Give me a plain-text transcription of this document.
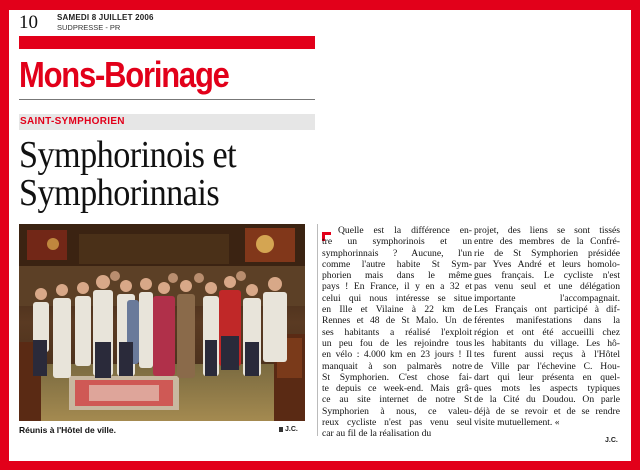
10 SAMEDI 8 JUILLET 2006
SUDPRESSE - PR
Mons-Borinage
SAINT-SYMPHORIEN
Symphorinois et
Symphorinnais
Réunis à l'Hôtel de ville.	J.C.
Quelle est la différence en-
tre un symphorinois et un
symphorinnais ? Aucune, l'un
comme l'autre habite St Sym-
phorien mais dans le même
pays ! En France, il y en a 32 et
celui qui nous intéresse se situe
en Ille et Vilaine à 22 km de
Rennes et 48 de St Malo. Un de
ses habitants a réalisé l'exploit
un peu fou de les rejoindre tous
en vélo : 4.000 km en 23 jours ! Il
manquait à son palmarès notre
St Symphorien. C'est chose fai-
te depuis ce week-end. Mais grâ-
ce au site internet de notre St
Symphorien à nous, ce valeu-
reux cycliste n'est pas venu seul
car au fil de la réalisation du
projet, des liens se sont tissés
entre des membres de la Confré-
rie de St Symphorien présidée
par Yves André et leurs homolo-
gues français. Le cycliste n'est
pas venu seul et une délégation
importante l'accompagnait.
Les Français ont participé à dif-
férentes manifestations dans la
région et ont été accueilli chez
les habitants du village. Les hô-
tes furent aussi reçus à l'Hôtel
de Ville par l'échevine C. Hou-
dart qui leur présenta en quel-
ques mots les aspects typiques
de la Cité du Doudou. On parle
déjà de se revoir et de se rendre
visite mutuellement. «
J.C.
